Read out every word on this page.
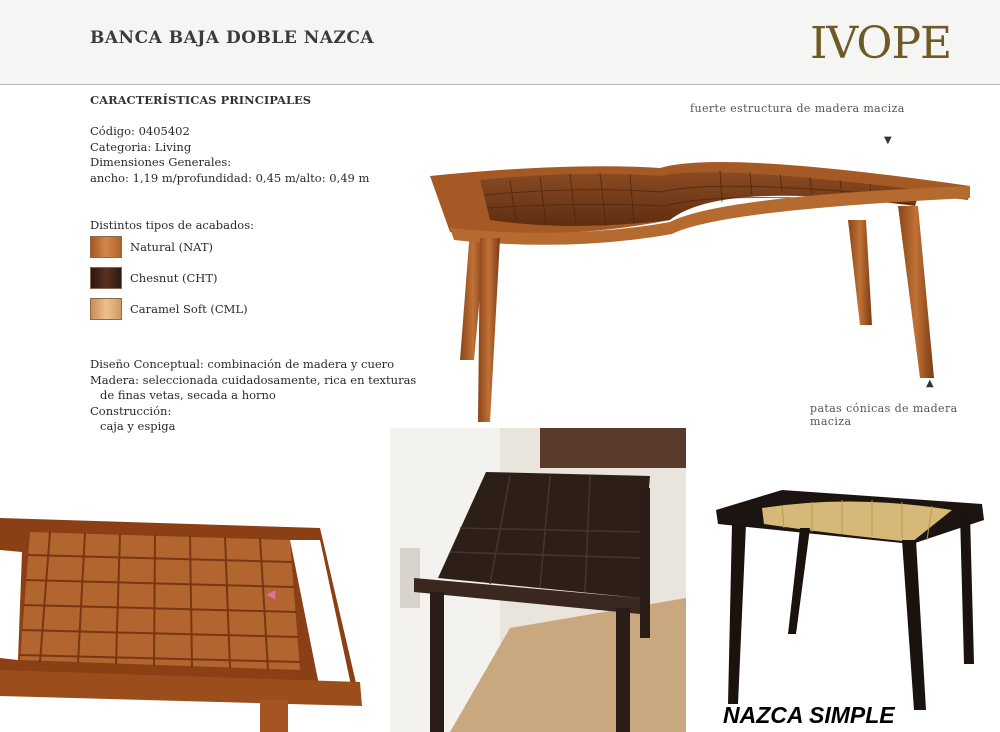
BANCA BAJA DOBLE NAZCA	IVOPE
CARACTERÍSTICAS PRINCIPALES
Código: 0405402
Categoria: Living
Dimensiones Generales:
ancho: 1,19 m/profundidad: 0,45 m/alto: 0,49 m
Distintos tipos de acabados:
Natural (NAT)
Chesnut (CHT)
Caramel Soft (CML)
Diseño Conceptual: combinación de madera y cuero
Madera: seleccionada cuidadosamente, rica en texturas
de finas vetas, secada a horno
Construcción:
caja y espiga
fuerte estructura de madera maciza
▼
▲
patas cónicas de madera maciza
◀
NAZCA SIMPLE
